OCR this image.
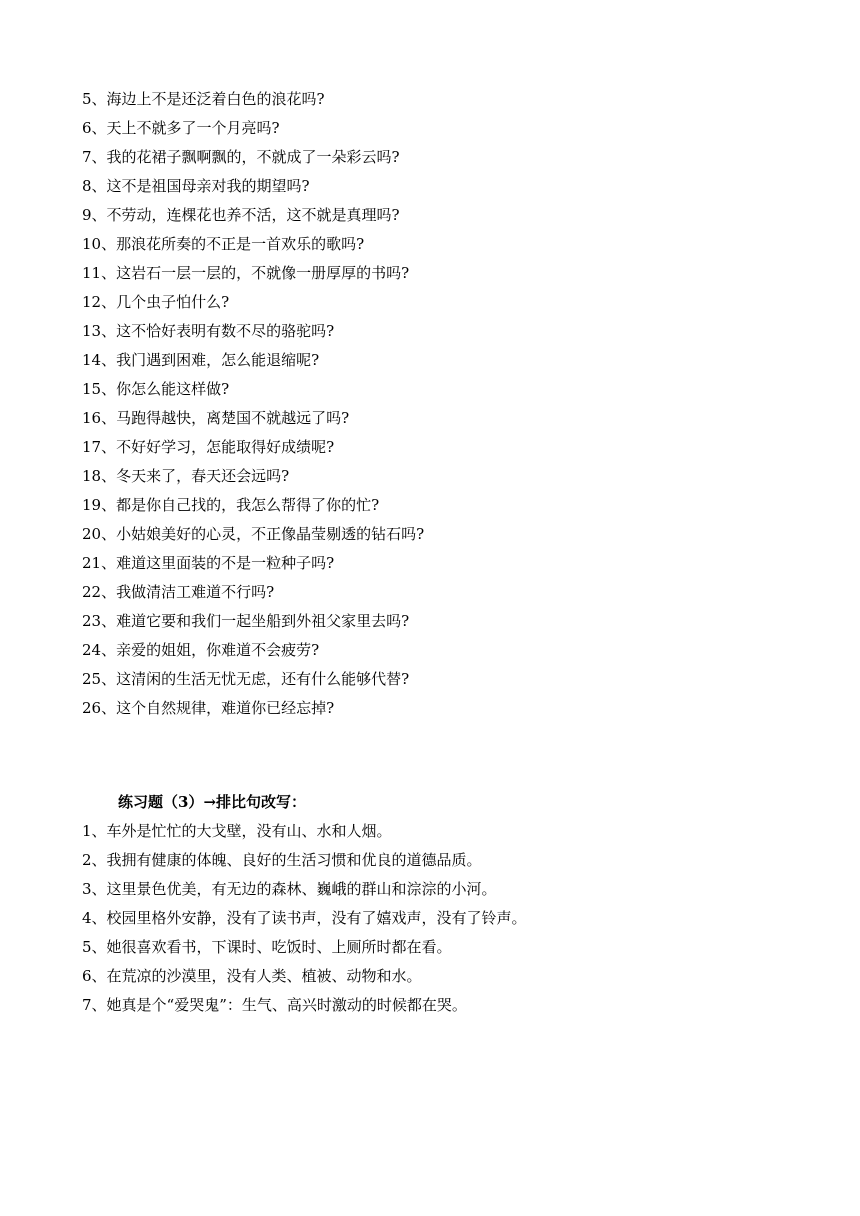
5、海边上不是还泛着白色的浪花吗?
6、天上不就多了一个月亮吗?
7、我的花裙子飘啊飘的，不就成了一朵彩云吗?
8、这不是祖国母亲对我的期望吗?
9、不劳动，连棵花也养不活，这不就是真理吗?
10、那浪花所奏的不正是一首欢乐的歌吗?
11、这岩石一层一层的，不就像一册厚厚的书吗?
12、几个虫子怕什么?
13、这不恰好表明有数不尽的骆驼吗?
14、我门遇到困难，怎么能退缩呢?
15、你怎么能这样做?
16、马跑得越快，离楚国不就越远了吗?
17、不好好学习，怎能取得好成绩呢?
18、冬天来了，春天还会远吗?
19、都是你自己找的，我怎么帮得了你的忙?
20、小姑娘美好的心灵，不正像晶莹剔透的钻石吗?
21、难道这里面装的不是一粒种子吗?
22、我做清洁工难道不行吗?
23、难道它要和我们一起坐船到外祖父家里去吗?
24、亲爱的姐姐，你难道不会疲劳?
25、这清闲的生活无忧无虑，还有什么能够代替?
26、这个自然规律，难道你已经忘掉?
练习题（3）→排比句改写：
1、车外是忙忙的大戈壁，没有山、水和人烟。
2、我拥有健康的体魄、良好的生活习惯和优良的道德品质。
3、这里景色优美，有无边的森林、巍峨的群山和淙淙的小河。
4、校园里格外安静，没有了读书声，没有了嬉戏声，没有了铃声。
5、她很喜欢看书，下课时、吃饭时、上厕所时都在看。
6、在荒凉的沙漠里，没有人类、植被、动物和水。
7、她真是个“爱哭鬼”：生气、高兴时激动的时候都在哭。
